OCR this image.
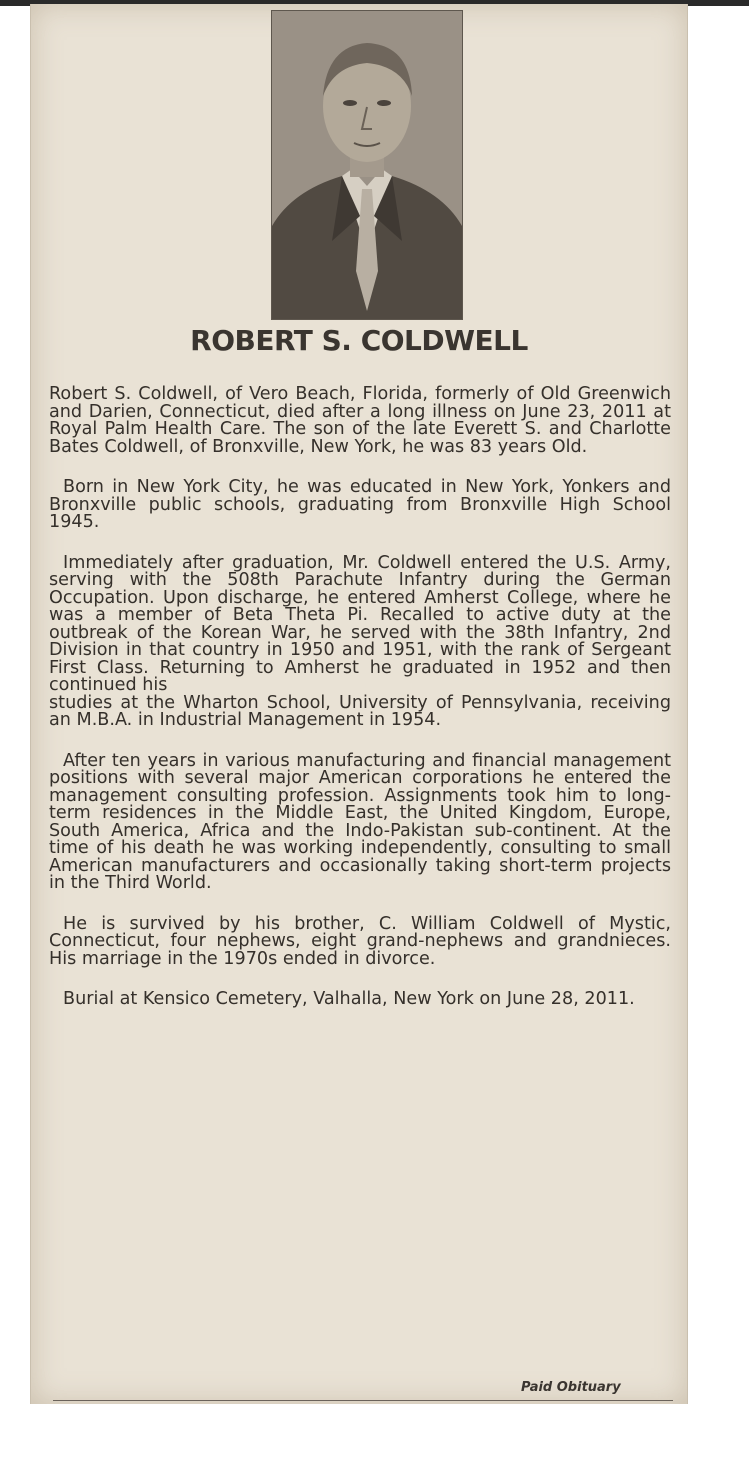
ROBERT S. COLDWELL

Robert S. Coldwell, of Vero Beach, Florida, formerly of Old Greenwich and Darien, Connecticut, died after a long illness on June 23, 2011 at Royal Palm Health Care. The son of the late Everett S. and Charlotte Bates Coldwell, of Bronxville, New York, he was 83 years Old.

Born in New York City, he was educated in New York, Yonkers and Bronxville public schools, graduating from Bronxville High School 1945.

Immediately after graduation, Mr. Coldwell entered the U.S. Army, serving with the 508th Parachute Infantry during the German Occupation. Upon discharge, he entered Amherst College, where he was a member of Beta Theta Pi. Recalled to active duty at the outbreak of the Korean War, he served with the 38th Infantry, 2nd Division in that country in 1950 and 1951, with the rank of Sergeant First Class. Returning to Amherst he graduated in 1952 and then continued his

studies at the Wharton School, University of Pennsylvania, receiving an M.B.A. in Industrial Management in 1954.

After ten years in various manufacturing and financial management positions with several major American corporations he entered the management consulting profession. Assignments took him to long-term residences in the Middle East, the United Kingdom, Europe, South America, Africa and the Indo-Pakistan sub-continent. At the time of his death he was working independently, consulting to small American manufacturers and occasionally taking short-term projects in the Third World.

He is survived by his brother, C. William Coldwell of Mystic, Connecticut, four nephews, eight grand-nephews and grandnieces. His marriage in the 1970s ended in divorce.

Burial at Kensico Cemetery, Valhalla, New York on June 28, 2011.

Paid Obituary
